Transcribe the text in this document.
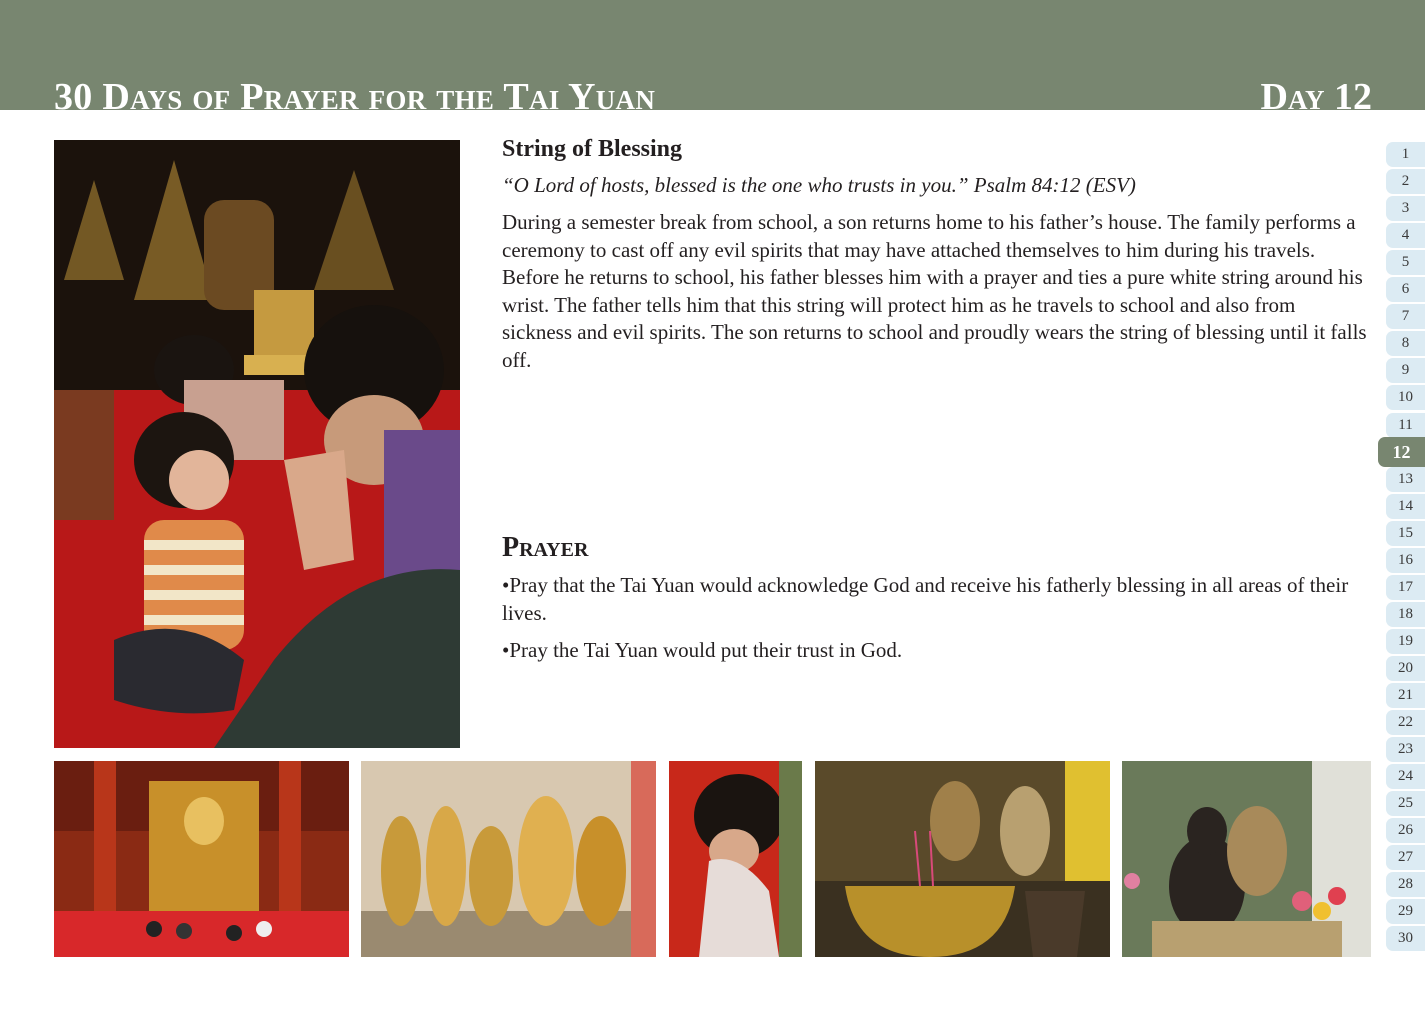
30 Days of Prayer for the Tai Yuan	Day 12
String of Blessing

“O Lord of hosts, blessed is the one who trusts in you.” Psalm 84:12 (ESV)

During a semester break from school, a son returns home to his father’s house. The family performs a ceremony to cast off any evil spirits that may have attached themselves to him during his travels. Before he returns to school, his father blesses him with a prayer and ties a pure white string around his wrist. The father tells him that this string will protect him as he travels to school and also from sickness and evil spirits. The son returns to school and proudly wears the string of blessing until it falls off.

Prayer

•Pray that the Tai Yuan would acknowledge God and receive his fatherly blessing in all areas of their lives.

•Pray the Tai Yuan would put their trust in God.

1
2
3
4
5
6
7
8
9
10
11
12
13
14
15
16
17
18
19
20
21
22
23
24
25
26
27
28
29
30
